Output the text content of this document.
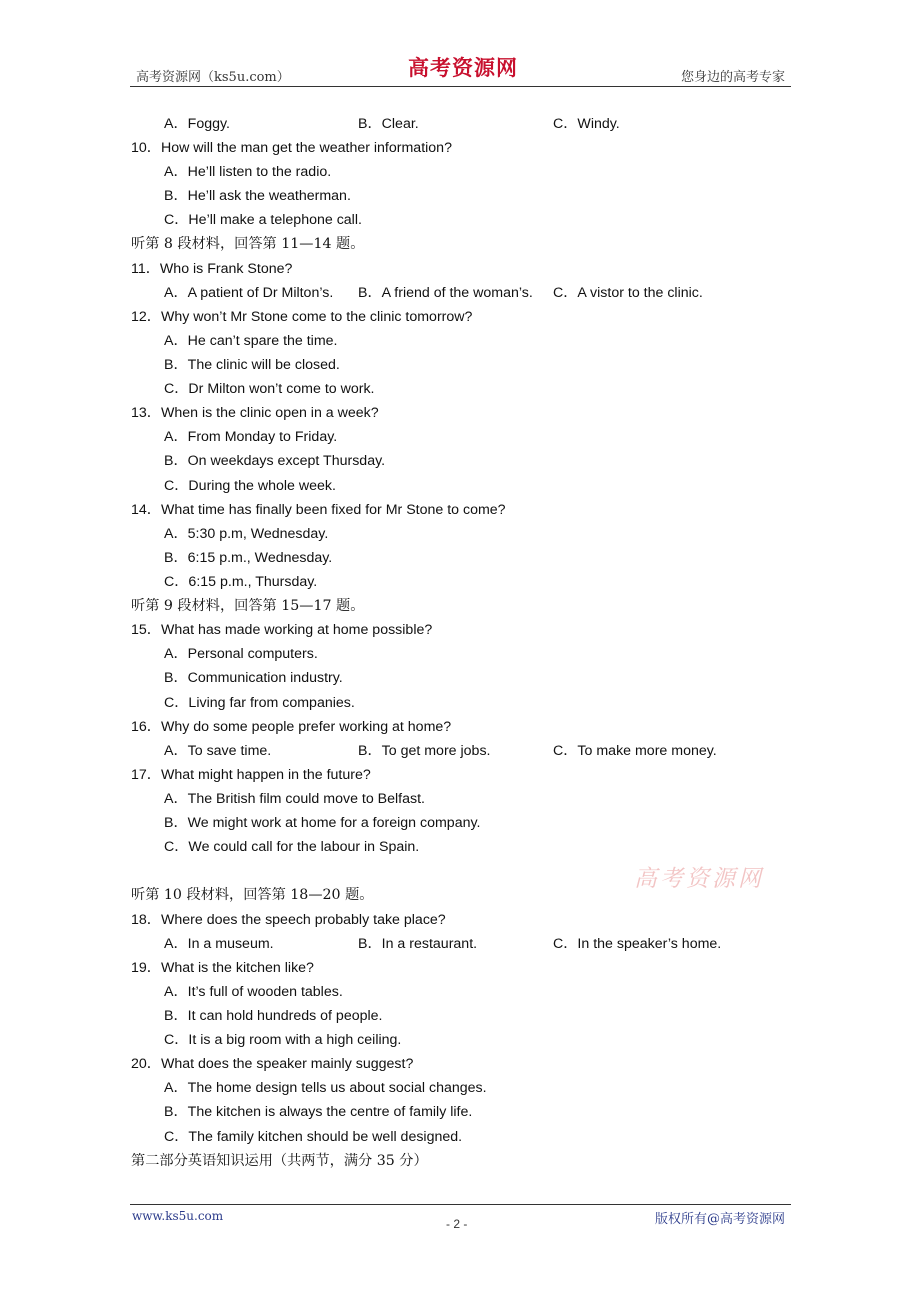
高考资源网（ks5u.com）	高考资源网	您身边的高考专家
A．Foggy.	B．Clear.	C．Windy.
10．How will the man get the weather information?
A．He’ll listen to the radio.
B．He’ll ask the weatherman.
C．He’ll make a telephone call.
听第 8 段材料，回答第 11—14 题。
11．Who is Frank Stone?
A．A patient of Dr Milton’s. B．A friend of the woman’s. C．A vistor to the clinic.
12．Why won’t Mr Stone come to the clinic tomorrow?
A．He can’t spare the time.
B．The clinic will be closed.
C．Dr Milton won’t come to work.
13．When is the clinic open in a week?
A．From Monday to Friday.
B．On weekdays except Thursday.
C．During the whole week.
14．What time has finally been fixed for Mr Stone to come?
A．5:30 p.m, Wednesday.
B．6:15 p.m., Wednesday.
C．6:15 p.m., Thursday.
听第 9 段材料，回答第 15—17 题。
15．What has made working at home possible?
A．Personal computers.
B．Communication industry.
C．Living far from companies.
16．Why do some people prefer working at home?
A．To save time.	B．To get more jobs.	C．To make more money.
17．What might happen in the future?
A．The British film could move to Belfast.
B．We might work at home for a foreign company.
C．We could call for the labour in Spain.
高考资源网
听第 10 段材料，回答第 18—20 题。
18．Where does the speech probably take place?
A．In a museum.	B．In a restaurant.	C．In the speaker’s home.
19．What is the kitchen like?
A．It’s full of wooden tables.
B．It can hold hundreds of people.
C．It is a big room with a high ceiling.
20．What does the speaker mainly suggest?
A．The home design tells us about social changes.
B．The kitchen is always the centre of family life.
C．The family kitchen should be well designed.
第二部分英语知识运用（共两节，满分 35 分）
www.ks5u.com
- 2 -	版权所有@高考资源网
